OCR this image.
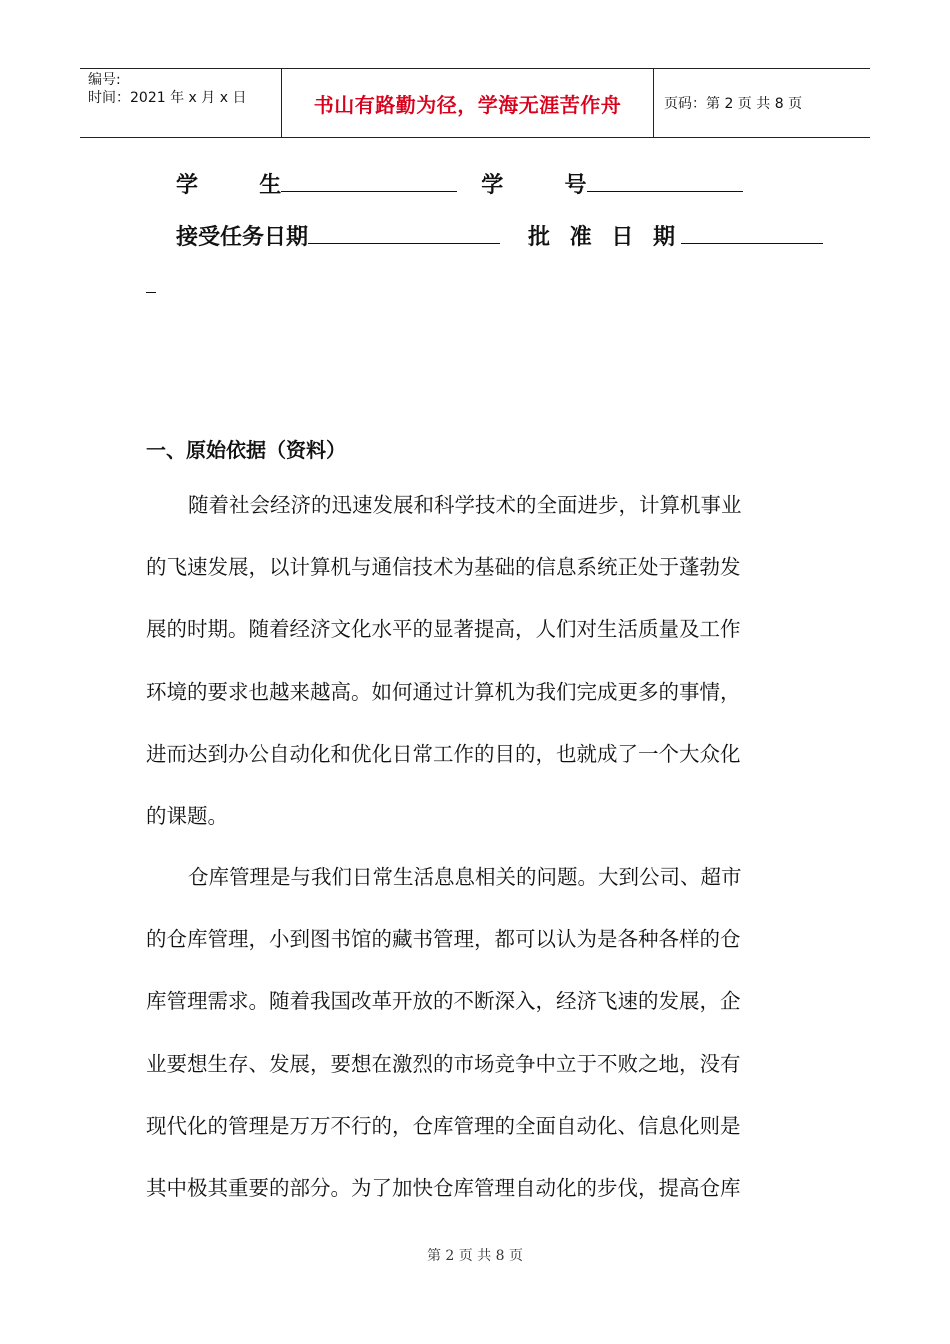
编号:
时间：2021 年 x 月 x 日	书山有路勤为径，学海无涯苦作舟	页码：第 2 页 共 8 页
学        生	学        号
接受任务日期	批 准 日 期
一、原始依据（资料）
随着社会经济的迅速发展和科学技术的全面进步，计算机事业
的飞速发展，以计算机与通信技术为基础的信息系统正处于蓬勃发
展的时期。随着经济文化水平的显著提高，人们对生活质量及工作
环境的要求也越来越高。如何通过计算机为我们完成更多的事情，
进而达到办公自动化和优化日常工作的目的，也就成了一个大众化
的课题。
仓库管理是与我们日常生活息息相关的问题。大到公司、超市
的仓库管理，小到图书馆的藏书管理，都可以认为是各种各样的仓
库管理需求。随着我国改革开放的不断深入，经济飞速的发展，企
业要想生存、发展，要想在激烈的市场竞争中立于不败之地，没有
现代化的管理是万万不行的，仓库管理的全面自动化、信息化则是
其中极其重要的部分。为了加快仓库管理自动化的步伐，提高仓库
第 2 页 共 8 页
